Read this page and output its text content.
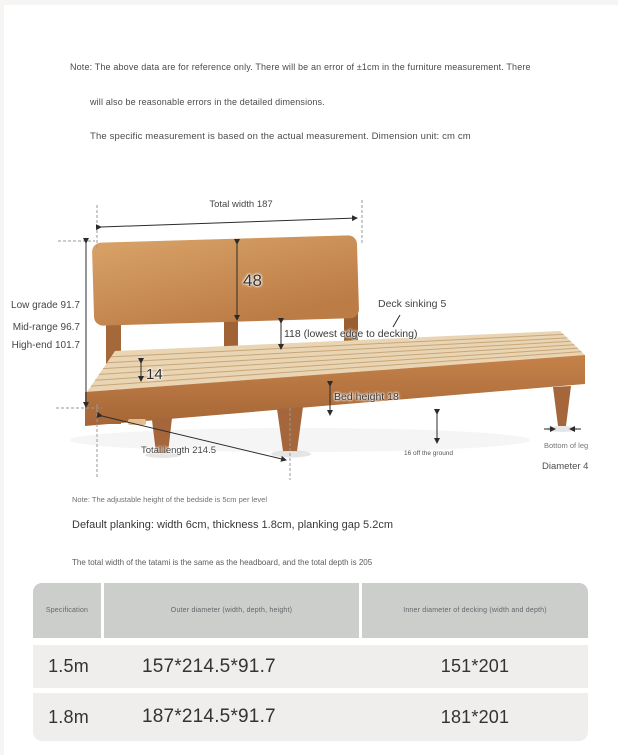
Note: The above data are for reference only. There will be an error of ±1cm in the furniture measurement. There
will also be reasonable errors in the detailed dimensions.
The specific measurement is based on the actual measurement. Dimension unit: cm cm
Total width 187
48
Low grade 91.7
Mid-range 96.7
High-end 101.7
Deck sinking 5
118 (lowest edge to decking)
14
Bed height 18
Total length 214.5	16 off the ground
Bottom of leg
Diameter 4
Note: The adjustable height of the bedside is 5cm per level
Default planking: width 6cm, thickness 1.8cm, planking gap 5.2cm
The total width of the tatami is the same as the headboard, and the total depth is 205
Specification	Outer diameter (width, depth, height)	Inner diameter of decking (width and depth)
1.5m	157*214.5*91.7	151*201
1.8m	187*214.5*91.7	181*201
